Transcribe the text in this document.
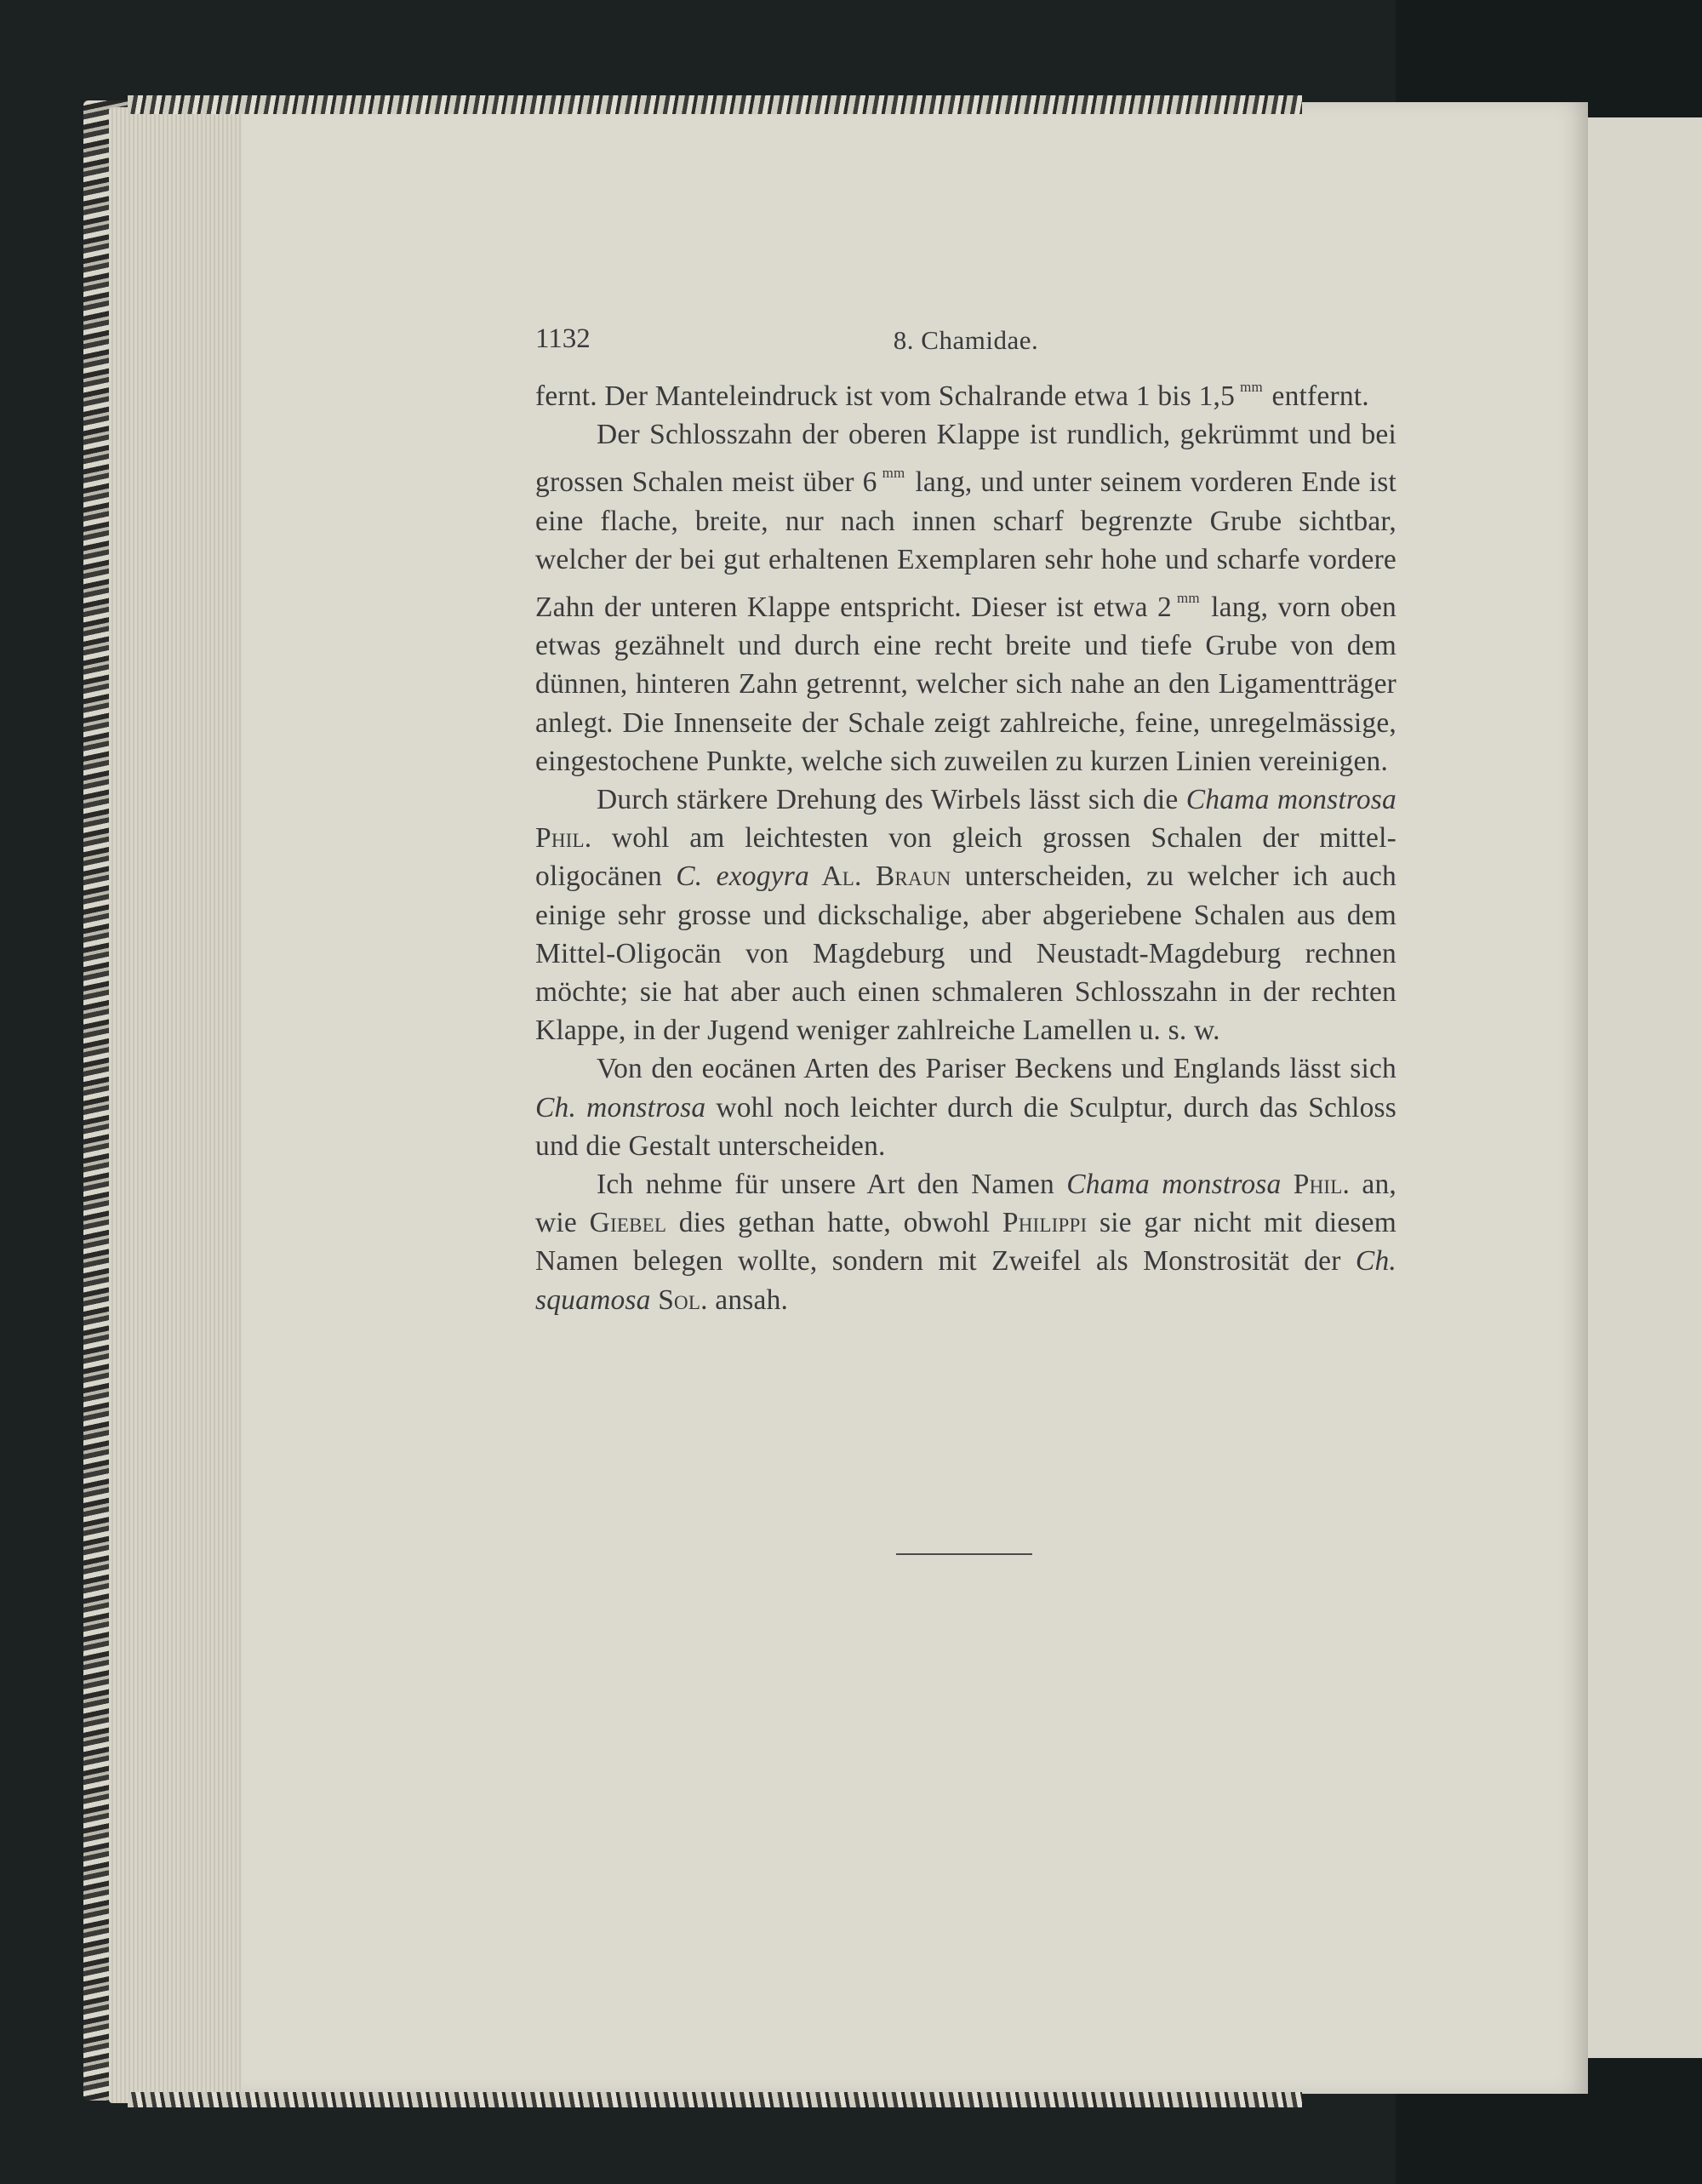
1132	8. Chamidae.

fernt. Der Manteleindruck ist vom Schalrande etwa 1 bis 1,5 $^{mm}$ entfernt.

Der Schlosszahn der oberen Klappe ist rundlich, gekrümmt und bei grossen Schalen meist über 6 $^{mm}$ lang, und unter seinem vorderen Ende ist eine flache, breite, nur nach innen scharf begrenzte Grube sichtbar, welcher der bei gut erhaltenen Exemplaren sehr hohe und scharfe vordere Zahn der unteren Klappe entspricht. Dieser ist etwa 2 $^{mm}$ lang, vorn oben etwas gezähnelt und durch eine recht breite und tiefe Grube von dem dünnen, hinteren Zahn getrennt, welcher sich nahe an den Ligamentträger anlegt. Die Innenseite der Schale zeigt zahlreiche, feine, unregelmässige, eingestochene Punkte, welche sich zuweilen zu kurzen Linien vereinigen.

Durch stärkere Drehung des Wirbels lässt sich die Chama monstrosa Phil. wohl am leichtesten von gleich grossen Schalen der mittel-oligocänen C. exogyra Al. Braun unterscheiden, zu welcher ich auch einige sehr grosse und dickschalige, aber abgeriebene Schalen aus dem Mittel-Oligocän von Magdeburg und Neustadt-Magdeburg rechnen möchte; sie hat aber auch einen schmaleren Schlosszahn in der rechten Klappe, in der Jugend weniger zahlreiche Lamellen u. s. w.

Von den eocänen Arten des Pariser Beckens und Englands lässt sich Ch. monstrosa wohl noch leichter durch die Sculptur, durch das Schloss und die Gestalt unterscheiden.

Ich nehme für unsere Art den Namen Chama monstrosa Phil. an, wie Giebel dies gethan hatte, obwohl Philippi sie gar nicht mit diesem Namen belegen wollte, sondern mit Zweifel als Monstrosität der Ch. squamosa Sol. ansah.
